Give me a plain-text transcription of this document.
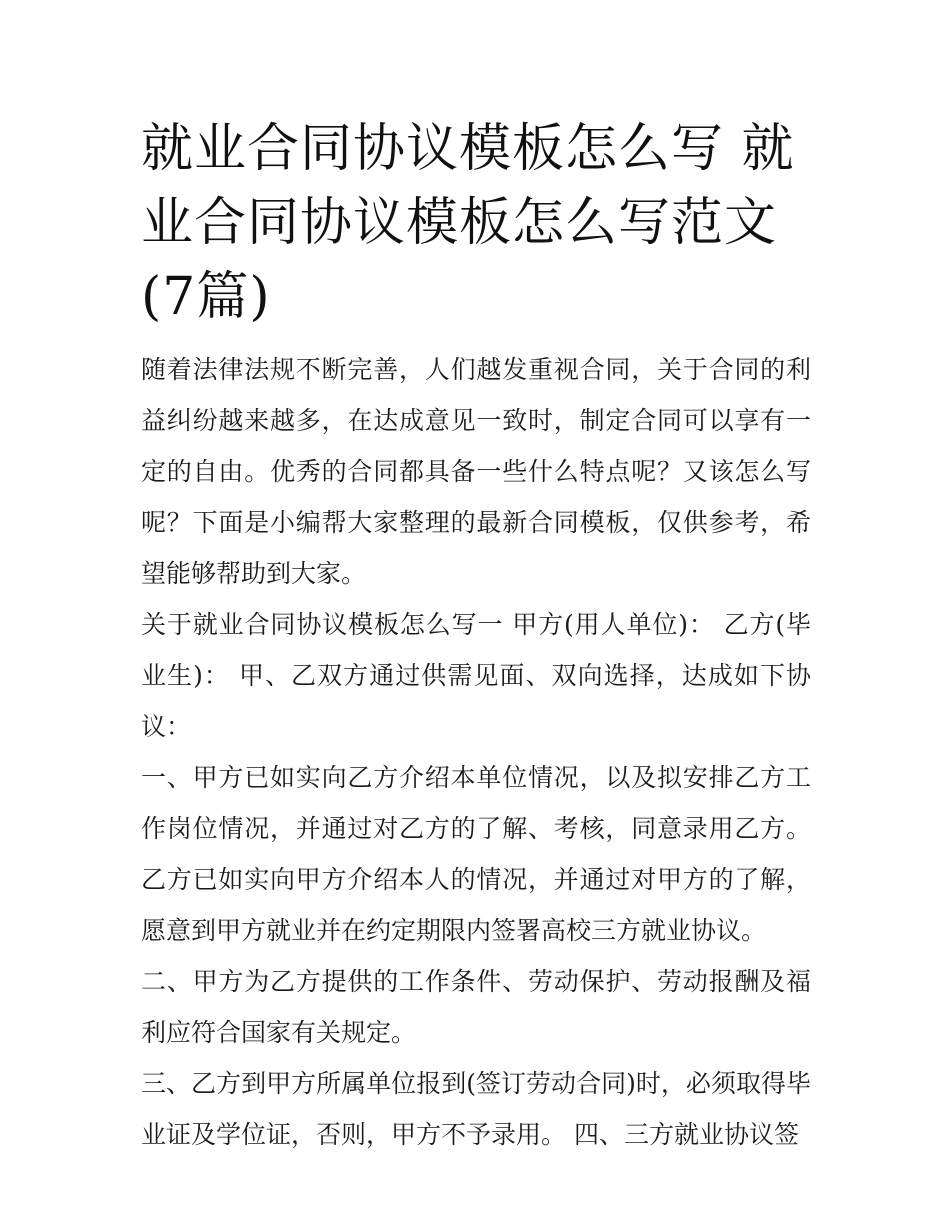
就业合同协议模板怎么写 就业合同协议模板怎么写范文(7篇)

随着法律法规不断完善，人们越发重视合同，关于合同的利益纠纷越来越多，在达成意见一致时，制定合同可以享有一定的自由。优秀的合同都具备一些什么特点呢？又该怎么写呢？下面是小编帮大家整理的最新合同模板，仅供参考，希望能够帮助到大家。

关于就业合同协议模板怎么写一 甲方(用人单位)： 乙方(毕 业生)： 甲、乙双方通过供需见面、双向选择，达成如下协议：

一、甲方已如实向乙方介绍本单位情况，以及拟安排乙方工作岗位情况，并通过对乙方的了解、考核，同意录用乙方。乙方已如实向甲方介绍本人的情况，并通过对甲方的了解，愿意到甲方就业并在约定期限内签署高校三方就业协议。

二、甲方为乙方提供的工作条件、劳动保护、劳动报酬及福利应符合国家有关规定。

三、乙方到甲方所属单位报到(签订劳动合同)时，必须取得毕业证及学位证，否则，甲方不予录用。 四、三方就业协议签
